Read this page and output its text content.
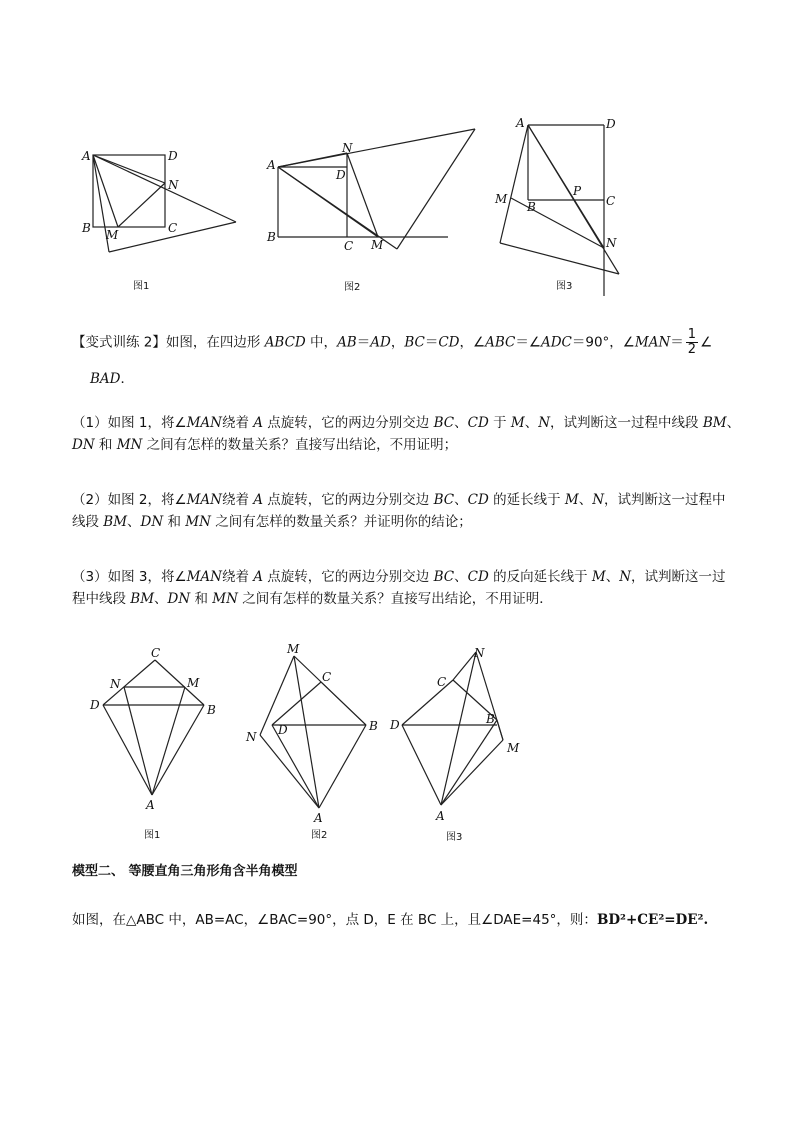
A	D
N
B M	C
图1
A
N
D
B
C M
图2
A	D
M
B
P
C
N
图3
【变式训练 2】如图，在四边形 ABCD 中，AB＝AD，BC＝CD，∠ABC＝∠ADC＝90°，∠MAN＝ $\frac{1}{2}$ ∠
BAD．
（1）如图 1，将∠MAN绕着 A 点旋转，它的两边分别交边 BC、CD 于 M、N，试判断这一过程中线段 BM、
DN 和 MN 之间有怎样的数量关系？直接写出结论，不用证明；
（2）如图 2，将∠MAN绕着 A 点旋转，它的两边分别交边 BC、CD 的延长线于 M、N，试判断这一过程中
线段 BM、DN 和 MN 之间有怎样的数量关系？并证明你的结论；
（3）如图 3，将∠MAN绕着 A 点旋转，它的两边分别交边 BC、CD 的反向延长线于 M、N，试判断这一过
程中线段 BM、DN 和 MN 之间有怎样的数量关系？直接写出结论，不用证明．
C
N	M
D	B
A
图1
M
C
N D	B
A
图2
N
C
D	B
M
A
图3
模型二、 等腰直角三角形角含半角模型
如图，在△ABC 中，AB=AC，∠BAC=90°，点 D，E 在 BC 上，且∠DAE=45°，则：BD²+CE²=DE².
